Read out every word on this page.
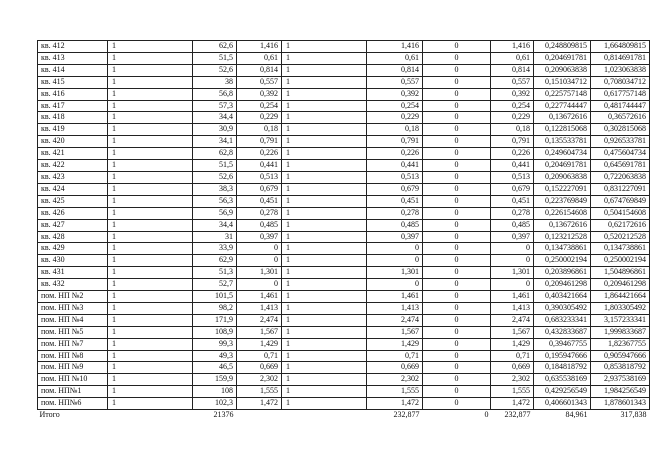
кв. 412	1	62,6	1,416	1	1,416	0	1,416	0,248809815	1,664809815
кв. 413	1	51,5	0,61	1	0,61	0	0,61	0,204691781	0,814691781
кв. 414	1	52,6	0,814	1	0,814	0	0,814	0,209063838	1,023063838
кв. 415	1	38	0,557	1	0,557	0	0,557	0,151034712	0,708034712
кв. 416	1	56,8	0,392	1	0,392	0	0,392	0,225757148	0,617757148
кв. 417	1	57,3	0,254	1	0,254	0	0,254	0,227744447	0,481744447
кв. 418	1	34,4	0,229	1	0,229	0	0,229	0,13672616	0,36572616
кв. 419	1	30,9	0,18	1	0,18	0	0,18	0,122815068	0,302815068
кв. 420	1	34,1	0,791	1	0,791	0	0,791	0,135533781	0,926533781
кв. 421	1	62,8	0,226	1	0,226	0	0,226	0,249604734	0,475604734
кв. 422	1	51,5	0,441	1	0,441	0	0,441	0,204691781	0,645691781
кв. 423	1	52,6	0,513	1	0,513	0	0,513	0,209063838	0,722063838
кв. 424	1	38,3	0,679	1	0,679	0	0,679	0,152227091	0,831227091
кв. 425	1	56,3	0,451	1	0,451	0	0,451	0,223769849	0,674769849
кв. 426	1	56,9	0,278	1	0,278	0	0,278	0,226154608	0,504154608
кв. 427	1	34,4	0,485	1	0,485	0	0,485	0,13672616	0,62172616
кв. 428	1	31	0,397	1	0,397	0	0,397	0,123212528	0,520212528
кв. 429	1	33,9	0	1	0	0	0	0,134738861	0,134738861
кв. 430	1	62,9	0	1	0	0	0	0,250002194	0,250002194
кв. 431	1	51,3	1,301	1	1,301	0	1,301	0,203896861	1,504896861
кв. 432	1	52,7	0	1	0	0	0	0,209461298	0,209461298
пом. НП №2	1	101,5	1,461	1	1,461	0	1,461	0,403421664	1,864421664
пом. НП №3	1	98,2	1,413	1	1,413	0	1,413	0,390305492	1,803305492
пом. НП №4	1	171,9	2,474	1	2,474	0	2,474	0,683233341	3,157233341
пом. НП №5	1	108,9	1,567	1	1,567	0	1,567	0,432833687	1,999833687
пом. НП №7	1	99,3	1,429	1	1,429	0	1,429	0,39467755	1,82367755
пом. НП №8	1	49,3	0,71	1	0,71	0	0,71	0,195947666	0,905947666
пом. НП №9	1	46,5	0,669	1	0,669	0	0,669	0,184818792	0,853818792
пом. НП №10	1	159,9	2,302	1	2,302	0	2,302	0,635538169	2,937538169
пом. НП№1	1	108	1,555	1	1,555	0	1,555	0,429256549	1,984256549
пом. НП№6	1	102,3	1,472	1	1,472	0	1,472	0,406601343	1,878601343
Итого		21376			232,877	0	232,877	84,961	317,838
